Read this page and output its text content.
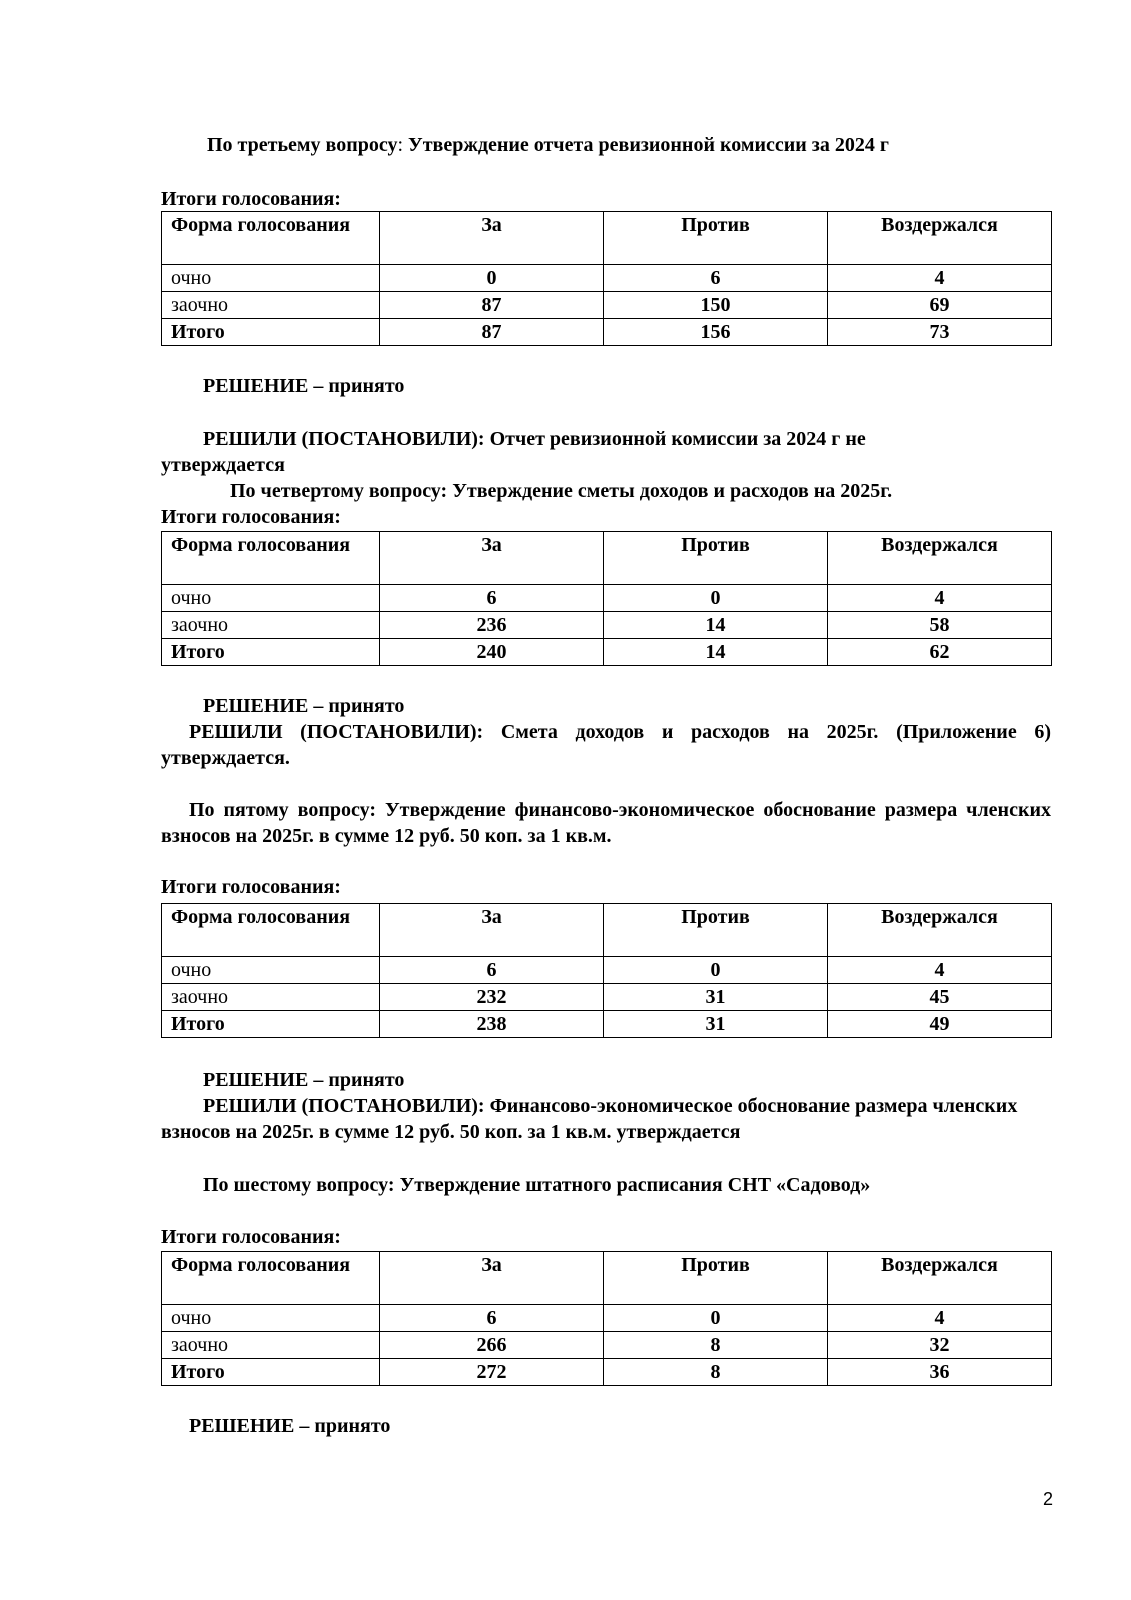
По третьему вопросу: Утверждение отчета ревизионной комиссии за 2024 г
Итоги голосования:
Форма голосования	За	Против	Воздержался
очно	0	6	4
заочно	87	150	69
Итого	87	156	73
РЕШЕНИЕ – принято
РЕШИЛИ (ПОСТАНОВИЛИ): Отчет ревизионной комиссии за 2024 г не утверждается
По четвертому вопросу: Утверждение сметы доходов и расходов на 2025г.
Итоги голосования:
Форма голосования	За	Против	Воздержался
очно	6	0	4
заочно	236	14	58
Итого	240	14	62
РЕШЕНИЕ – принято
РЕШИЛИ (ПОСТАНОВИЛИ): Смета доходов и расходов на 2025г. (Приложение 6) утверждается.
По пятому вопросу: Утверждение финансово-экономическое обоснование размера членских взносов на 2025г. в сумме 12 руб. 50 коп. за 1 кв.м.
Итоги голосования:
Форма голосования	За	Против	Воздержался
очно	6	0	4
заочно	232	31	45
Итого	238	31	49
РЕШЕНИЕ – принято
РЕШИЛИ (ПОСТАНОВИЛИ): Финансово-экономическое обоснование размера членских взносов на 2025г. в сумме 12 руб. 50 коп. за 1 кв.м. утверждается
По шестому вопросу: Утверждение штатного расписания СНТ «Садовод»
Итоги голосования:
Форма голосования	За	Против	Воздержался
очно	6	0	4
заочно	266	8	32
Итого	272	8	36
РЕШЕНИЕ – принято
2
